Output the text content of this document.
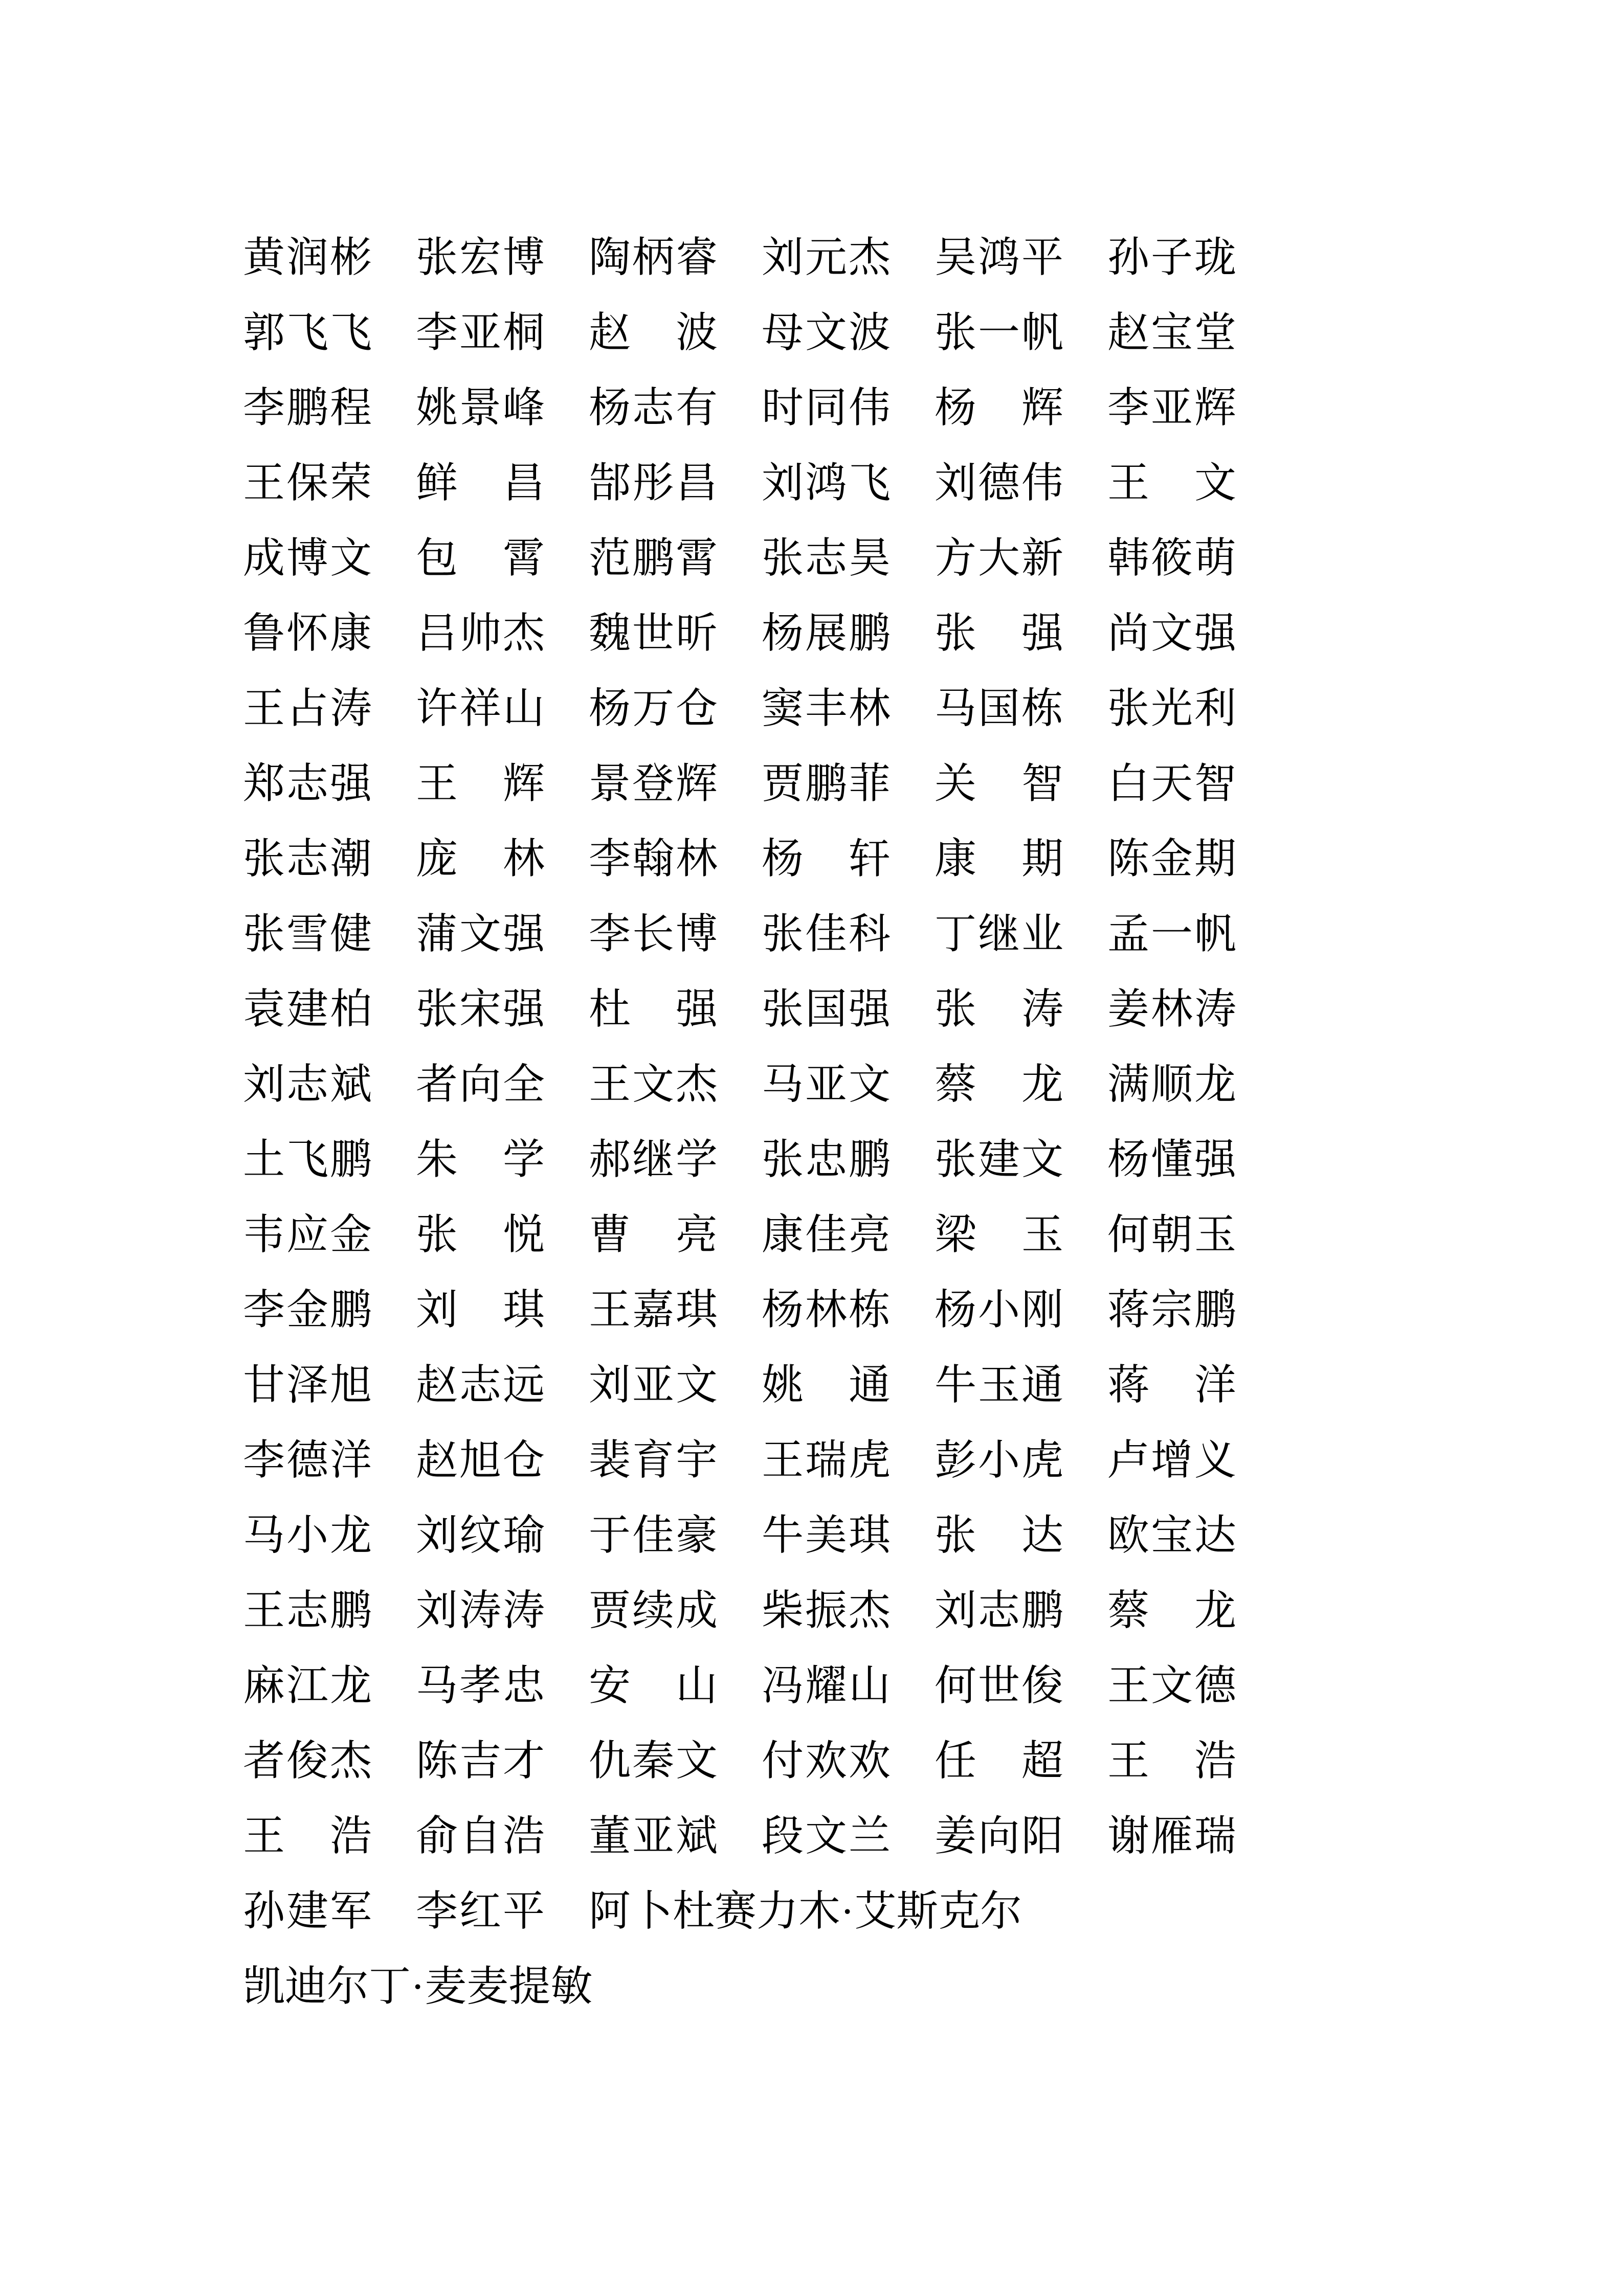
黄 润 彬 张 宏 博 陶 柄 睿 刘 元 杰 吴 鸿 平 孙 子 珑
郭 飞 飞 李 亚 桐 赵 波 母 文 波 张 一 帆 赵 宝 堂
李 鹏 程 姚 景 峰 杨 志 有 时 同 伟 杨 辉 李 亚 辉
王 保 荣 鲜 昌 郜 彤 昌 刘 鸿 飞 刘 德 伟 王 文
成 博 文 包 霄 范 鹏 霄 张 志 昊 方 大 新 韩 筱 萌
鲁 怀 康 吕 帅 杰 魏 世 昕 杨 展 鹏 张 强 尚 文 强
王 占 涛 许 祥 山 杨 万 仓 窦 丰 林 马 国 栋 张 光 利
郑 志 强 王 辉 景 登 辉 贾 鹏 菲 关 智 白 天 智
张 志 潮 庞 林 李 翰 林 杨 轩 康 期 陈 金 期
张 雪 健 蒲 文 强 李 长 博 张 佳 科 丁 继 业 孟 一 帆
袁 建 柏 张 宋 强 杜 强 张 国 强 张 涛 姜 林 涛
刘 志 斌 者 向 全 王 文 杰 马 亚 文 蔡 龙 满 顺 龙
土 飞 鹏 朱 学 郝 继 学 张 忠 鹏 张 建 文 杨 懂 强
韦 应 金 张 悦 曹 亮 康 佳 亮 梁 玉 何 朝 玉
李 金 鹏 刘 琪 王 嘉 琪 杨 林 栋 杨 小 刚 蒋 宗 鹏
甘 泽 旭 赵 志 远 刘 亚 文 姚 通 牛 玉 通 蒋 洋
李 德 洋 赵 旭 仓 裴 育 宇 王 瑞 虎 彭 小 虎 卢 增 义
马 小 龙 刘 纹 瑜 于 佳 豪 牛 美 琪 张 达 欧 宝 达
王 志 鹏 刘 涛 涛 贾 续 成 柴 振 杰 刘 志 鹏 蔡 龙
麻 江 龙 马 孝 忠 安 山 冯 耀 山 何 世 俊 王 文 德
者 俊 杰 陈 吉 才 仇 秦 文 付 欢 欢 任 超 王 浩
王 浩 俞 自 浩 董 亚 斌 段 文 兰 姜 向 阳 谢 雁 瑞
孙 建 军 李 红 平 阿卜杜赛力木·艾斯克尔
凯迪尔丁·麦麦提敏
